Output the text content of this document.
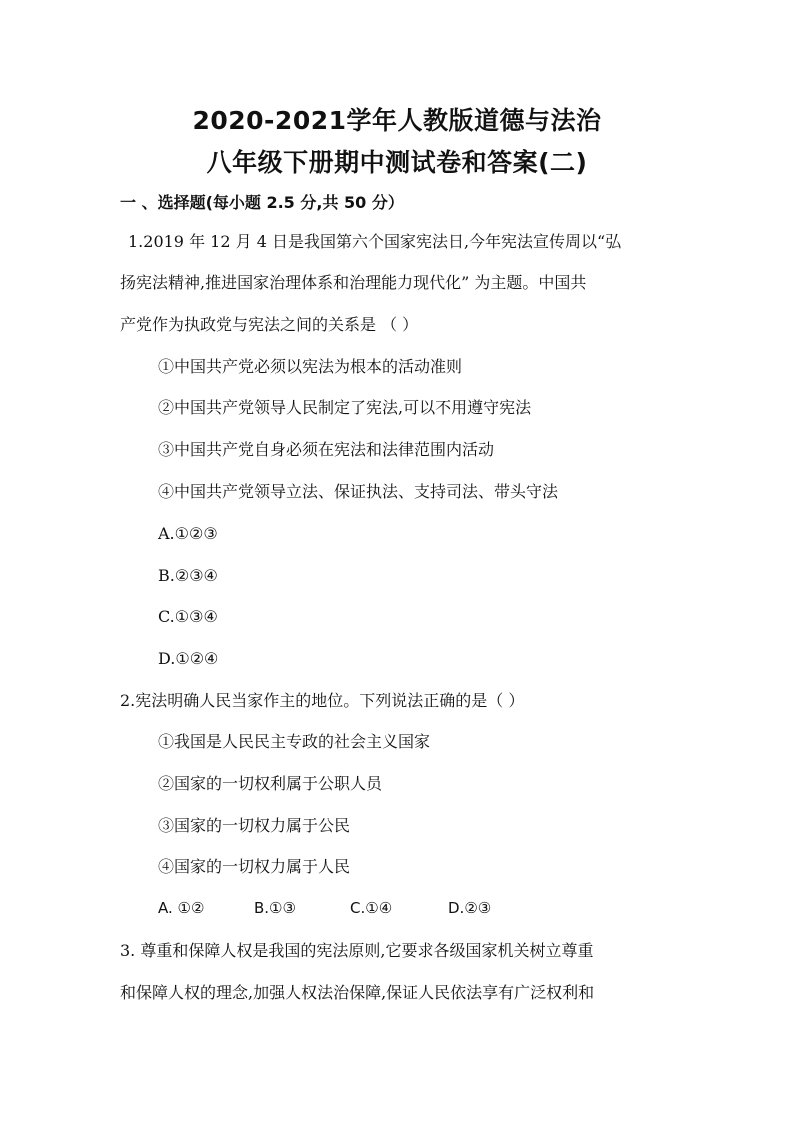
2020-2021学年人教版道德与法治
八年级下册期中测试卷和答案(二)

一 、选择题(每小题 2.5 分,共 50 分）

1.2019 年 12 月 4 日是我国第六个国家宪法日,今年宪法宣传周以“弘

扬宪法精神,推进国家治理体系和治理能力现代化” 为主题。中国共

产党作为执政党与宪法之间的关系是 （ ）

①中国共产党必须以宪法为根本的活动准则

②中国共产党领导人民制定了宪法,可以不用遵守宪法

③中国共产党自身必须在宪法和法律范围内活动

④中国共产党领导立法、保证执法、支持司法、带头守法

A.①②③

B.②③④

C.①③④

D.①②④

2.宪法明确人民当家作主的地位。下列说法正确的是（ ）

①我国是人民民主专政的社会主义国家

②国家的一切权利属于公职人员

③国家的一切权力属于公民

④国家的一切权力属于人民

A. ①②	B.①③	C.①④	D.②③

3. 尊重和保障人权是我国的宪法原则,它要求各级国家机关树立尊重

和保障人权的理念,加强人权法治保障,保证人民依法享有广泛权利和
